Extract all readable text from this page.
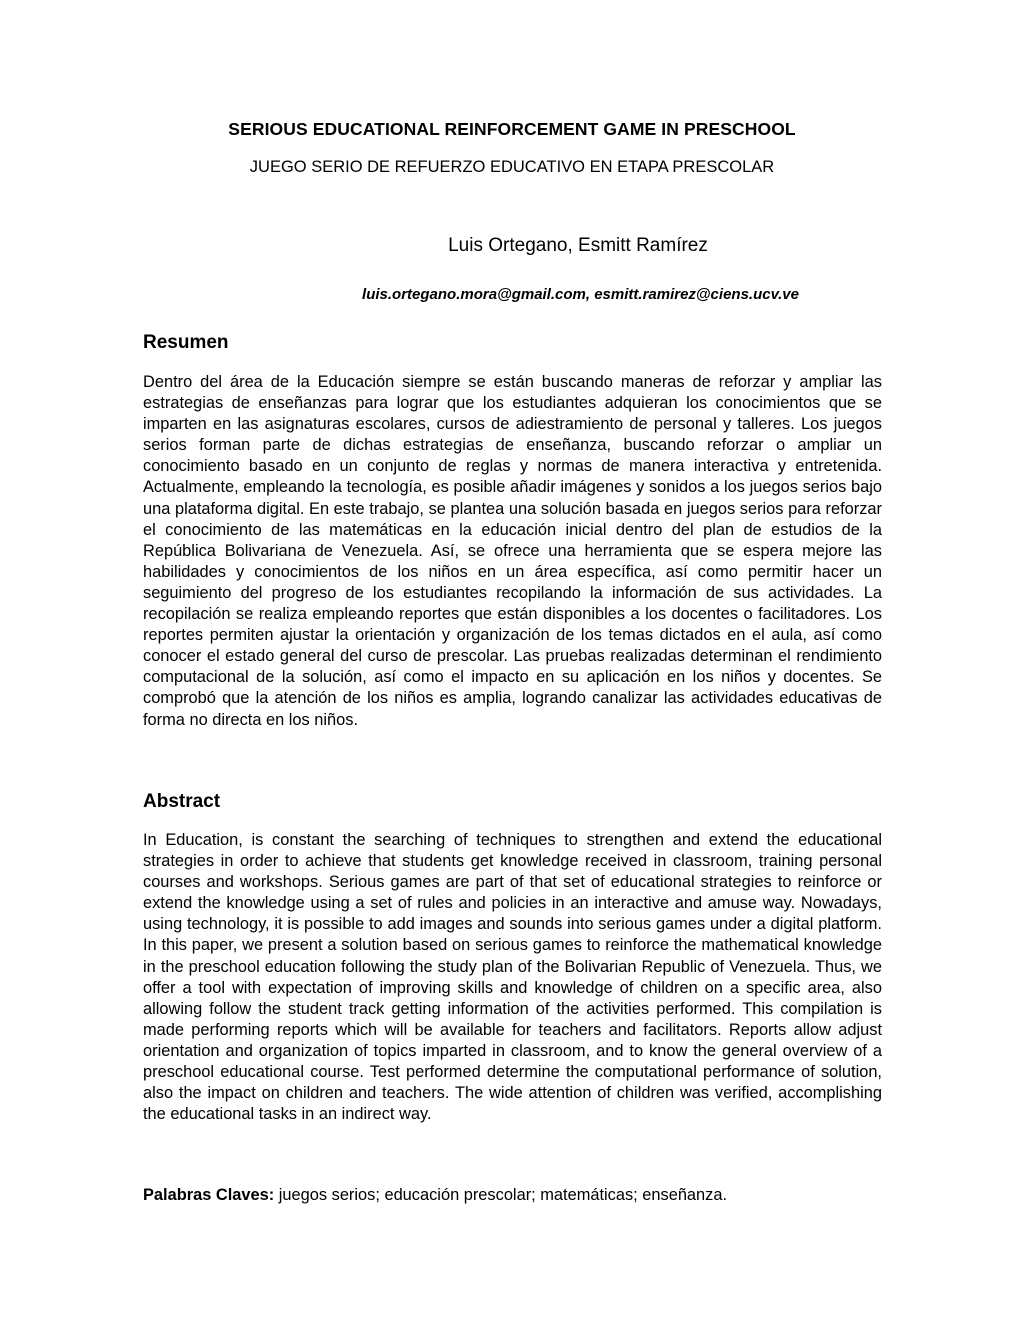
SERIOUS EDUCATIONAL REINFORCEMENT GAME IN PRESCHOOL
JUEGO SERIO DE REFUERZO EDUCATIVO EN ETAPA PRESCOLAR
Luis Ortegano, Esmitt Ramírez
luis.ortegano.mora@gmail.com, esmitt.ramirez@ciens.ucv.ve
Resumen

Dentro del área de la Educación siempre se están buscando maneras de reforzar y ampliar las estrategias de enseñanzas para lograr que los estudiantes adquieran los conocimientos que se imparten en las asignaturas escolares, cursos de adiestramiento de personal y talleres. Los juegos serios forman parte de dichas estrategias de enseñanza, buscando reforzar o ampliar un conocimiento basado en un conjunto de reglas y normas de manera interactiva y entretenida. Actualmente, empleando la tecnología, es posible añadir imágenes y sonidos a los juegos serios bajo una plataforma digital. En este trabajo, se plantea una solución basada en juegos serios para reforzar el conocimiento de las matemáticas en la educación inicial dentro del plan de estudios de la República Bolivariana de Venezuela. Así, se ofrece una herramienta que se espera mejore las habilidades y conocimientos de los niños en un área específica, así como permitir hacer un seguimiento del progreso de los estudiantes recopilando la información de sus actividades. La recopilación se realiza empleando reportes que están disponibles a los docentes o facilitadores. Los reportes permiten ajustar la orientación y organización de los temas dictados en el aula, así como conocer el estado general del curso de prescolar. Las pruebas realizadas determinan el rendimiento computacional de la solución, así como el impacto en su aplicación en los niños y docentes. Se comprobó que la atención de los niños es amplia, logrando canalizar las actividades educativas de forma no directa en los niños.

Abstract

In Education, is constant the searching of techniques to strengthen and extend the educational strategies in order to achieve that students get knowledge received in classroom, training personal courses and workshops. Serious games are part of that set of educational strategies to reinforce or extend the knowledge using a set of rules and policies in an interactive and amuse way. Nowadays, using technology, it is possible to add images and sounds into serious games under a digital platform. In this paper, we present a solution based on serious games to reinforce the mathematical knowledge in the preschool education following the study plan of the Bolivarian Republic of Venezuela. Thus, we offer a tool with expectation of improving skills and knowledge of children on a specific area, also allowing follow the student track getting information of the activities performed. This compilation is made performing reports which will be available for teachers and facilitators. Reports allow adjust orientation and organization of topics imparted in classroom, and to know the general overview of a preschool educational course. Test performed determine the computational performance of solution, also the impact on children and teachers. The wide attention of children was verified, accomplishing the educational tasks in an indirect way.

Palabras Claves: juegos serios; educación prescolar; matemáticas; enseñanza.
